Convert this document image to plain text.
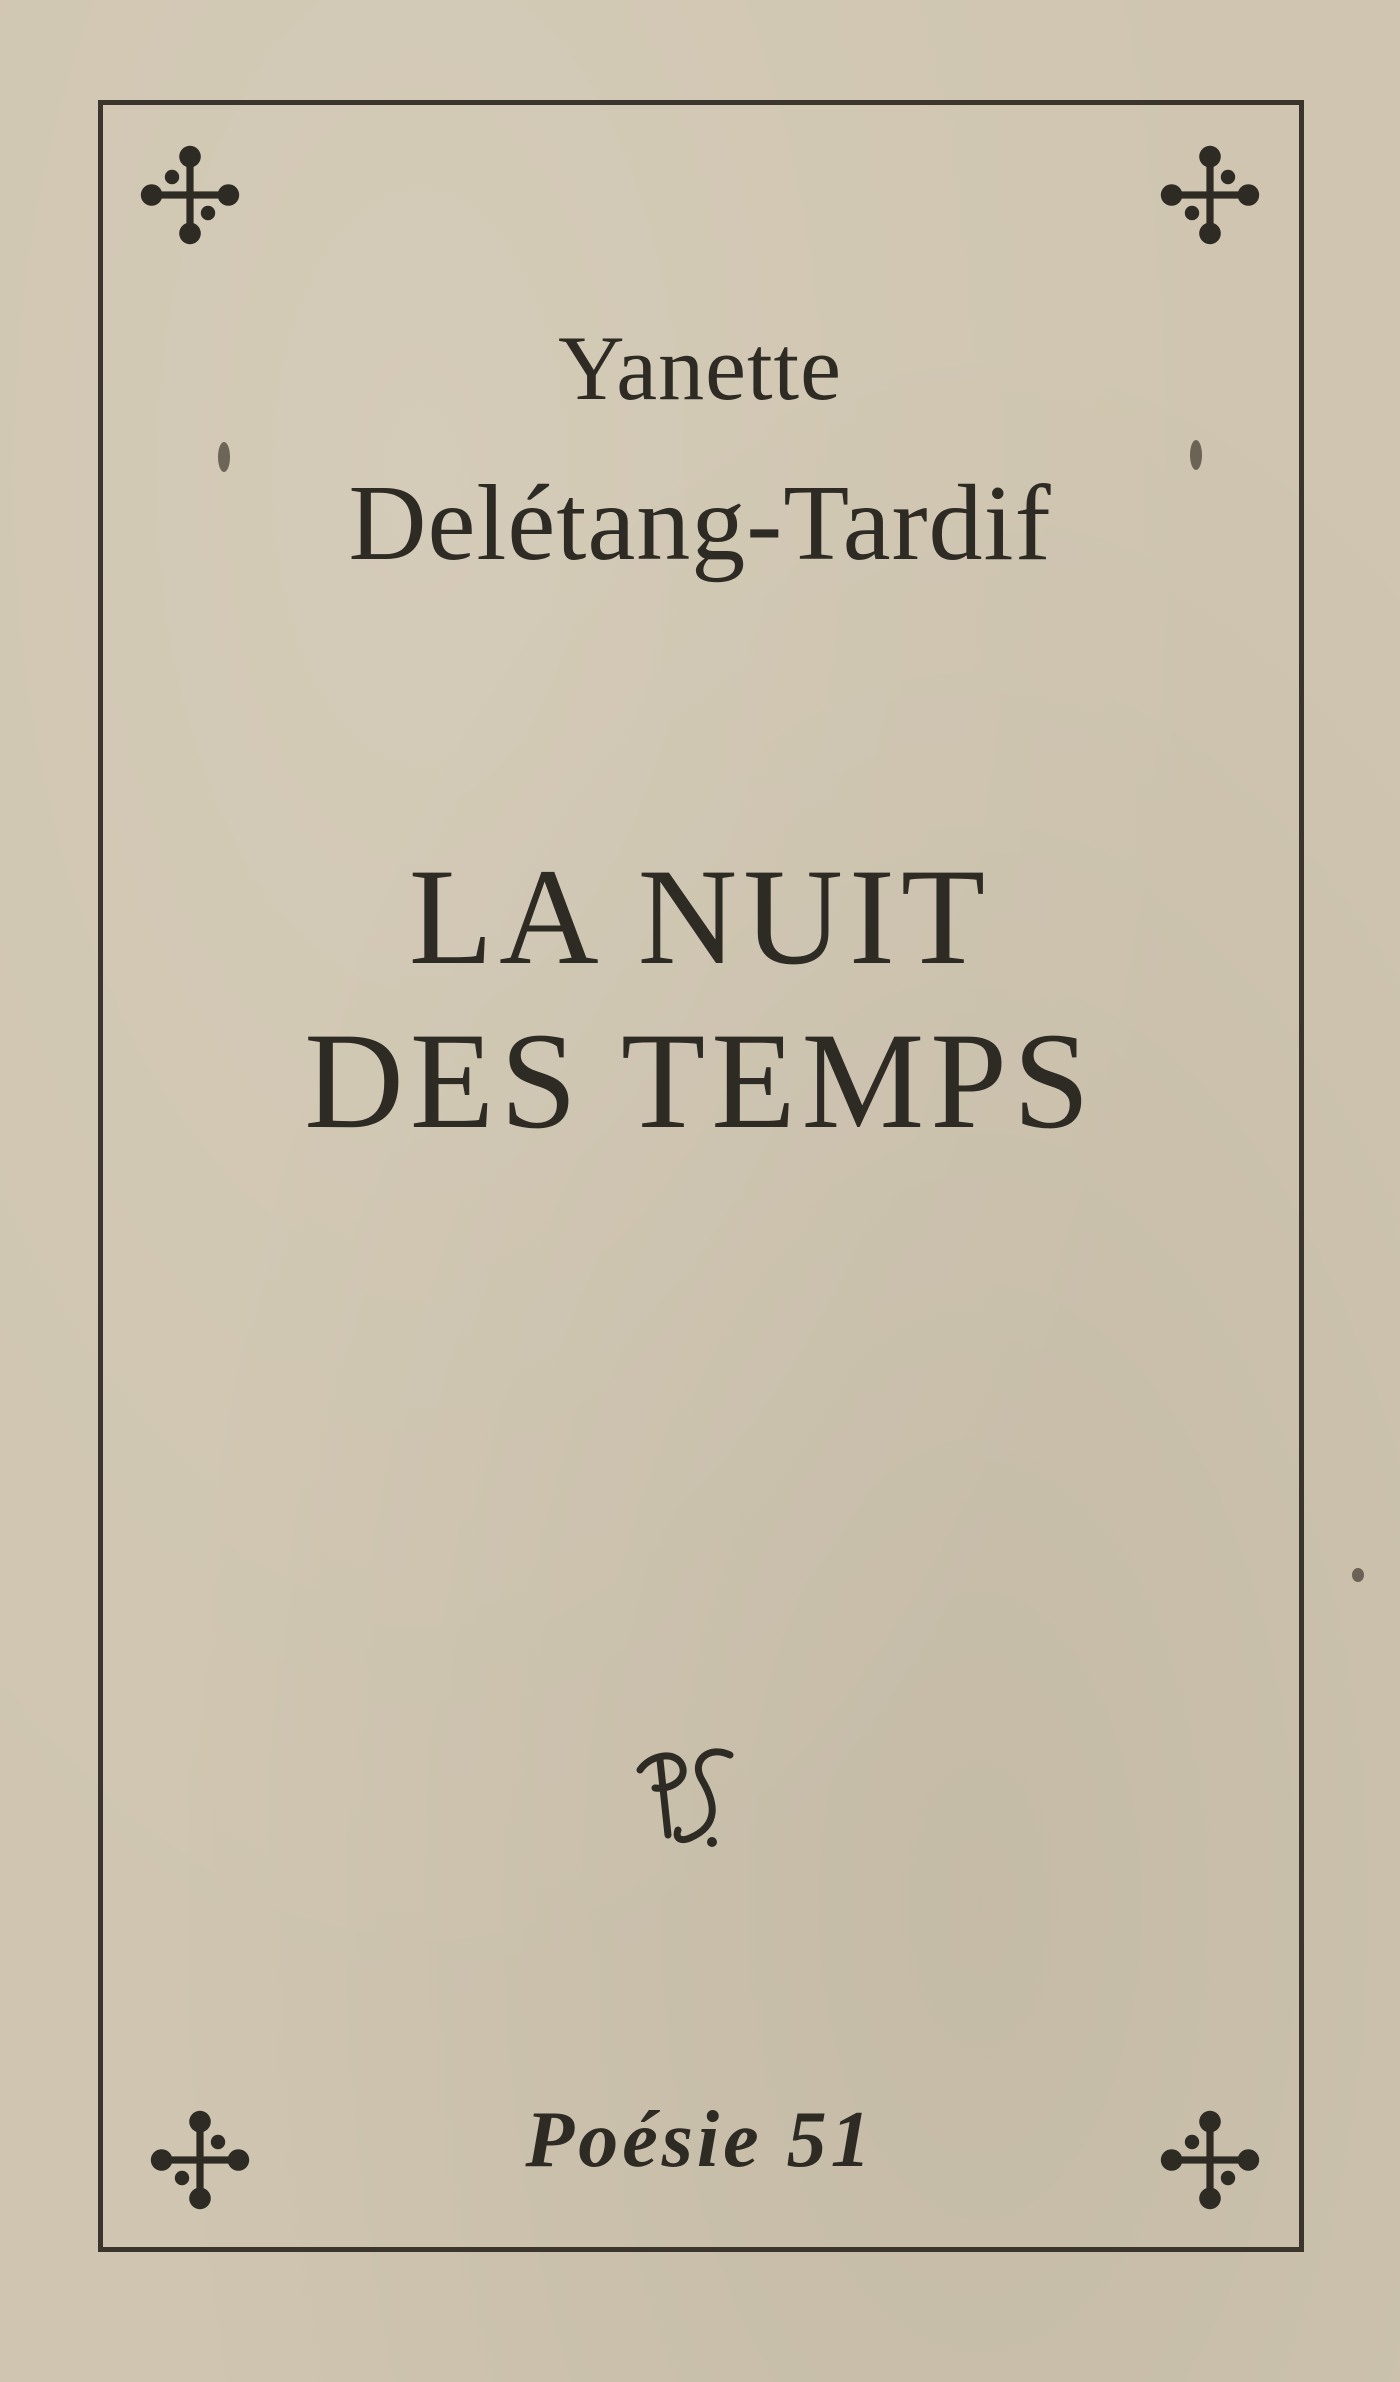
Yanette
Delétang-Tardif
LA NUIT
DES TEMPS
Poésie 51
